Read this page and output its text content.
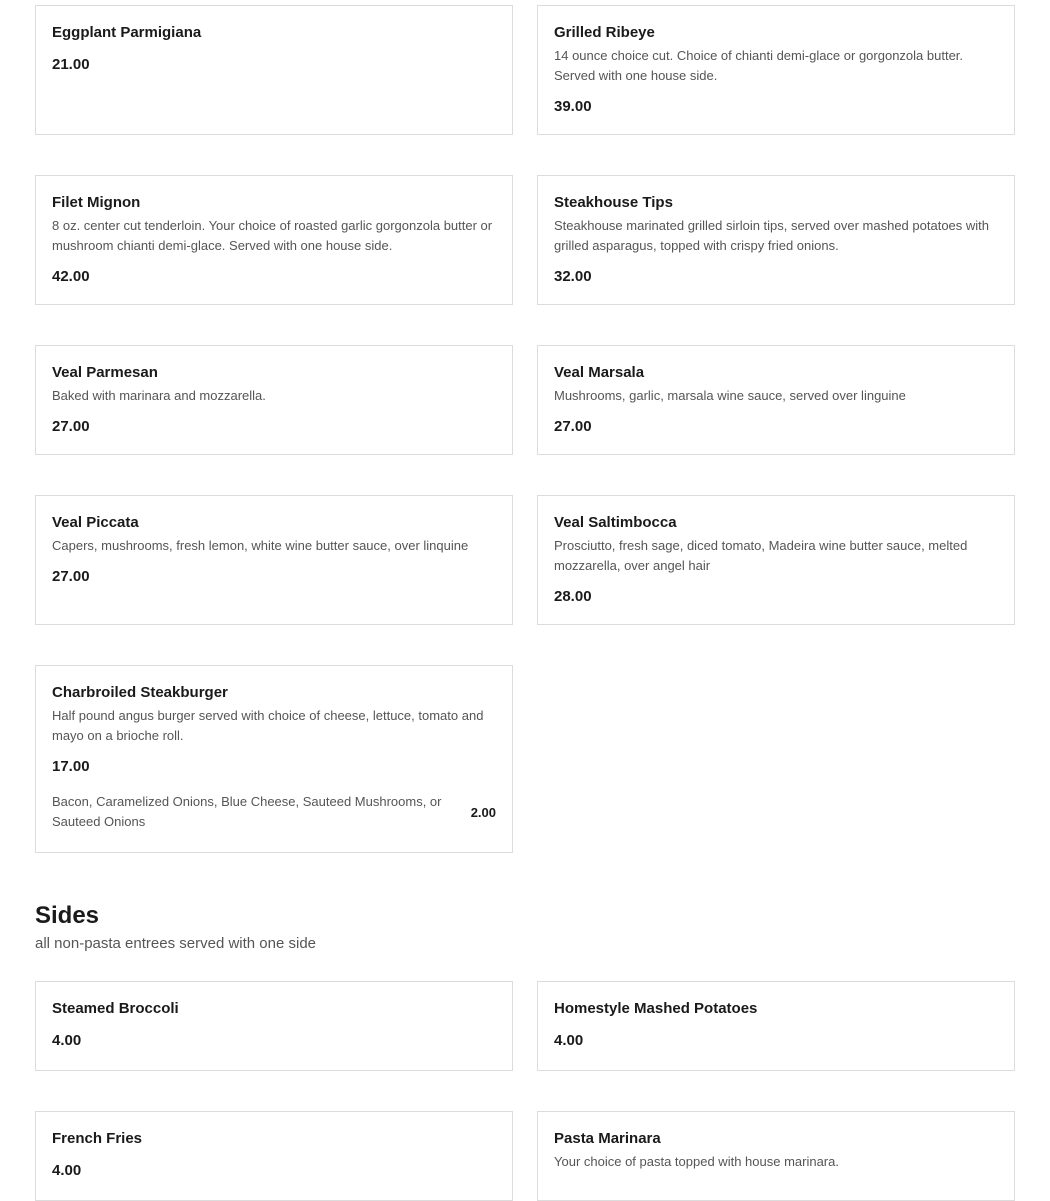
Eggplant Parmigiana
21.00
Grilled Ribeye
14 ounce choice cut. Choice of chianti demi-glace or gorgonzola butter. Served with one house side.
39.00
Filet Mignon
8 oz. center cut tenderloin. Your choice of roasted garlic gorgonzola butter or mushroom chianti demi-glace. Served with one house side.
42.00
Steakhouse Tips
Steakhouse marinated grilled sirloin tips, served over mashed potatoes with grilled asparagus, topped with crispy fried onions.
32.00
Veal Parmesan
Baked with marinara and mozzarella.
27.00
Veal Marsala
Mushrooms, garlic, marsala wine sauce, served over linguine
27.00
Veal Piccata
Capers, mushrooms, fresh lemon, white wine butter sauce, over linquine
27.00
Veal Saltimbocca
Prosciutto, fresh sage, diced tomato, Madeira wine butter sauce, melted mozzarella, over angel hair
28.00
Charbroiled Steakburger
Half pound angus burger served with choice of cheese, lettuce, tomato and mayo on a brioche roll.
17.00
Bacon, Caramelized Onions, Blue Cheese, Sauteed Mushrooms, or Sauteed Onions
2.00
Sides
all non-pasta entrees served with one side
Steamed Broccoli
4.00
Homestyle Mashed Potatoes
4.00
French Fries
4.00
Pasta Marinara
Your choice of pasta topped with house marinara.
